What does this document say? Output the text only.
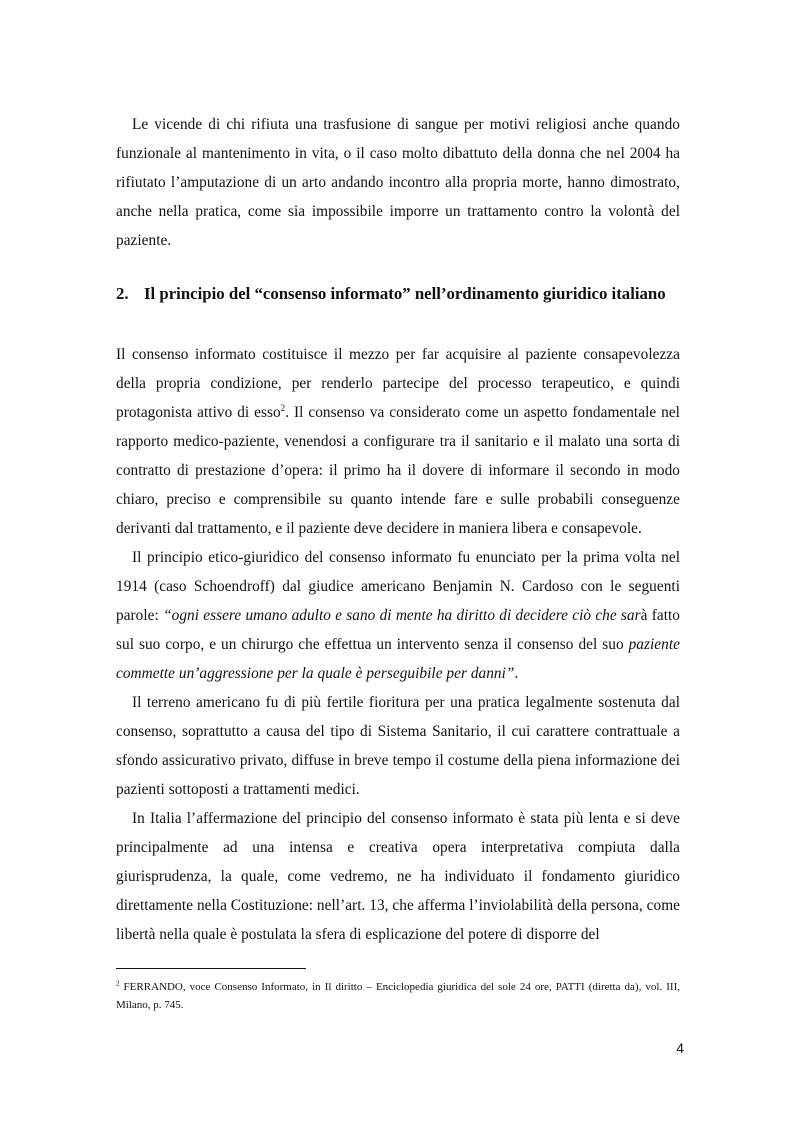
Le vicende di chi rifiuta una trasfusione di sangue per motivi religiosi anche quando funzionale al mantenimento in vita, o il caso molto dibattuto della donna che nel 2004 ha rifiutato l’amputazione di un arto andando incontro alla propria morte, hanno dimostrato, anche nella pratica, come sia impossibile imporre un trattamento contro la volontà del paziente.

2. Il principio del “consenso informato” nell’ordinamento giuridico italiano

Il consenso informato costituisce il mezzo per far acquisire al paziente consapevolezza della propria condizione, per renderlo partecipe del processo terapeutico, e quindi protagonista attivo di esso$^2$. Il consenso va considerato come un aspetto fondamentale nel rapporto medico-paziente, venendosi a configurare tra il sanitario e il malato una sorta di contratto di prestazione d’opera: il primo ha il dovere di informare il secondo in modo chiaro, preciso e comprensibile su quanto intende fare e sulle probabili conseguenze derivanti dal trattamento, e il paziente deve decidere in maniera libera e consapevole.

Il principio etico-giuridico del consenso informato fu enunciato per la prima volta nel 1914 (caso Schoendroff) dal giudice americano Benjamin N. Cardoso con le seguenti parole: “ogni essere umano adulto e sano di mente ha diritto di decidere ciò che sarà fatto sul suo corpo, e un chirurgo che effettua un intervento senza il consenso del suo paziente commette un’aggressione per la quale è perseguibile per danni”.

Il terreno americano fu di più fertile fioritura per una pratica legalmente sostenuta dal consenso, soprattutto a causa del tipo di Sistema Sanitario, il cui carattere contrattuale a sfondo assicurativo privato, diffuse in breve tempo il costume della piena informazione dei pazienti sottoposti a trattamenti medici.

In Italia l’affermazione del principio del consenso informato è stata più lenta e si deve principalmente ad una intensa e creativa opera interpretativa compiuta dalla giurisprudenza, la quale, come vedremo, ne ha individuato il fondamento giuridico direttamente nella Costituzione: nell’art. 13, che afferma l’inviolabilità della persona, come libertà nella quale è postulata la sfera di esplicazione del potere di disporre del

$^2$ FERRANDO, voce Consenso Informato, in Il diritto – Enciclopedia giuridica del sole 24 ore, PATTI (diretta da), vol. III, Milano, p. 745.
4
